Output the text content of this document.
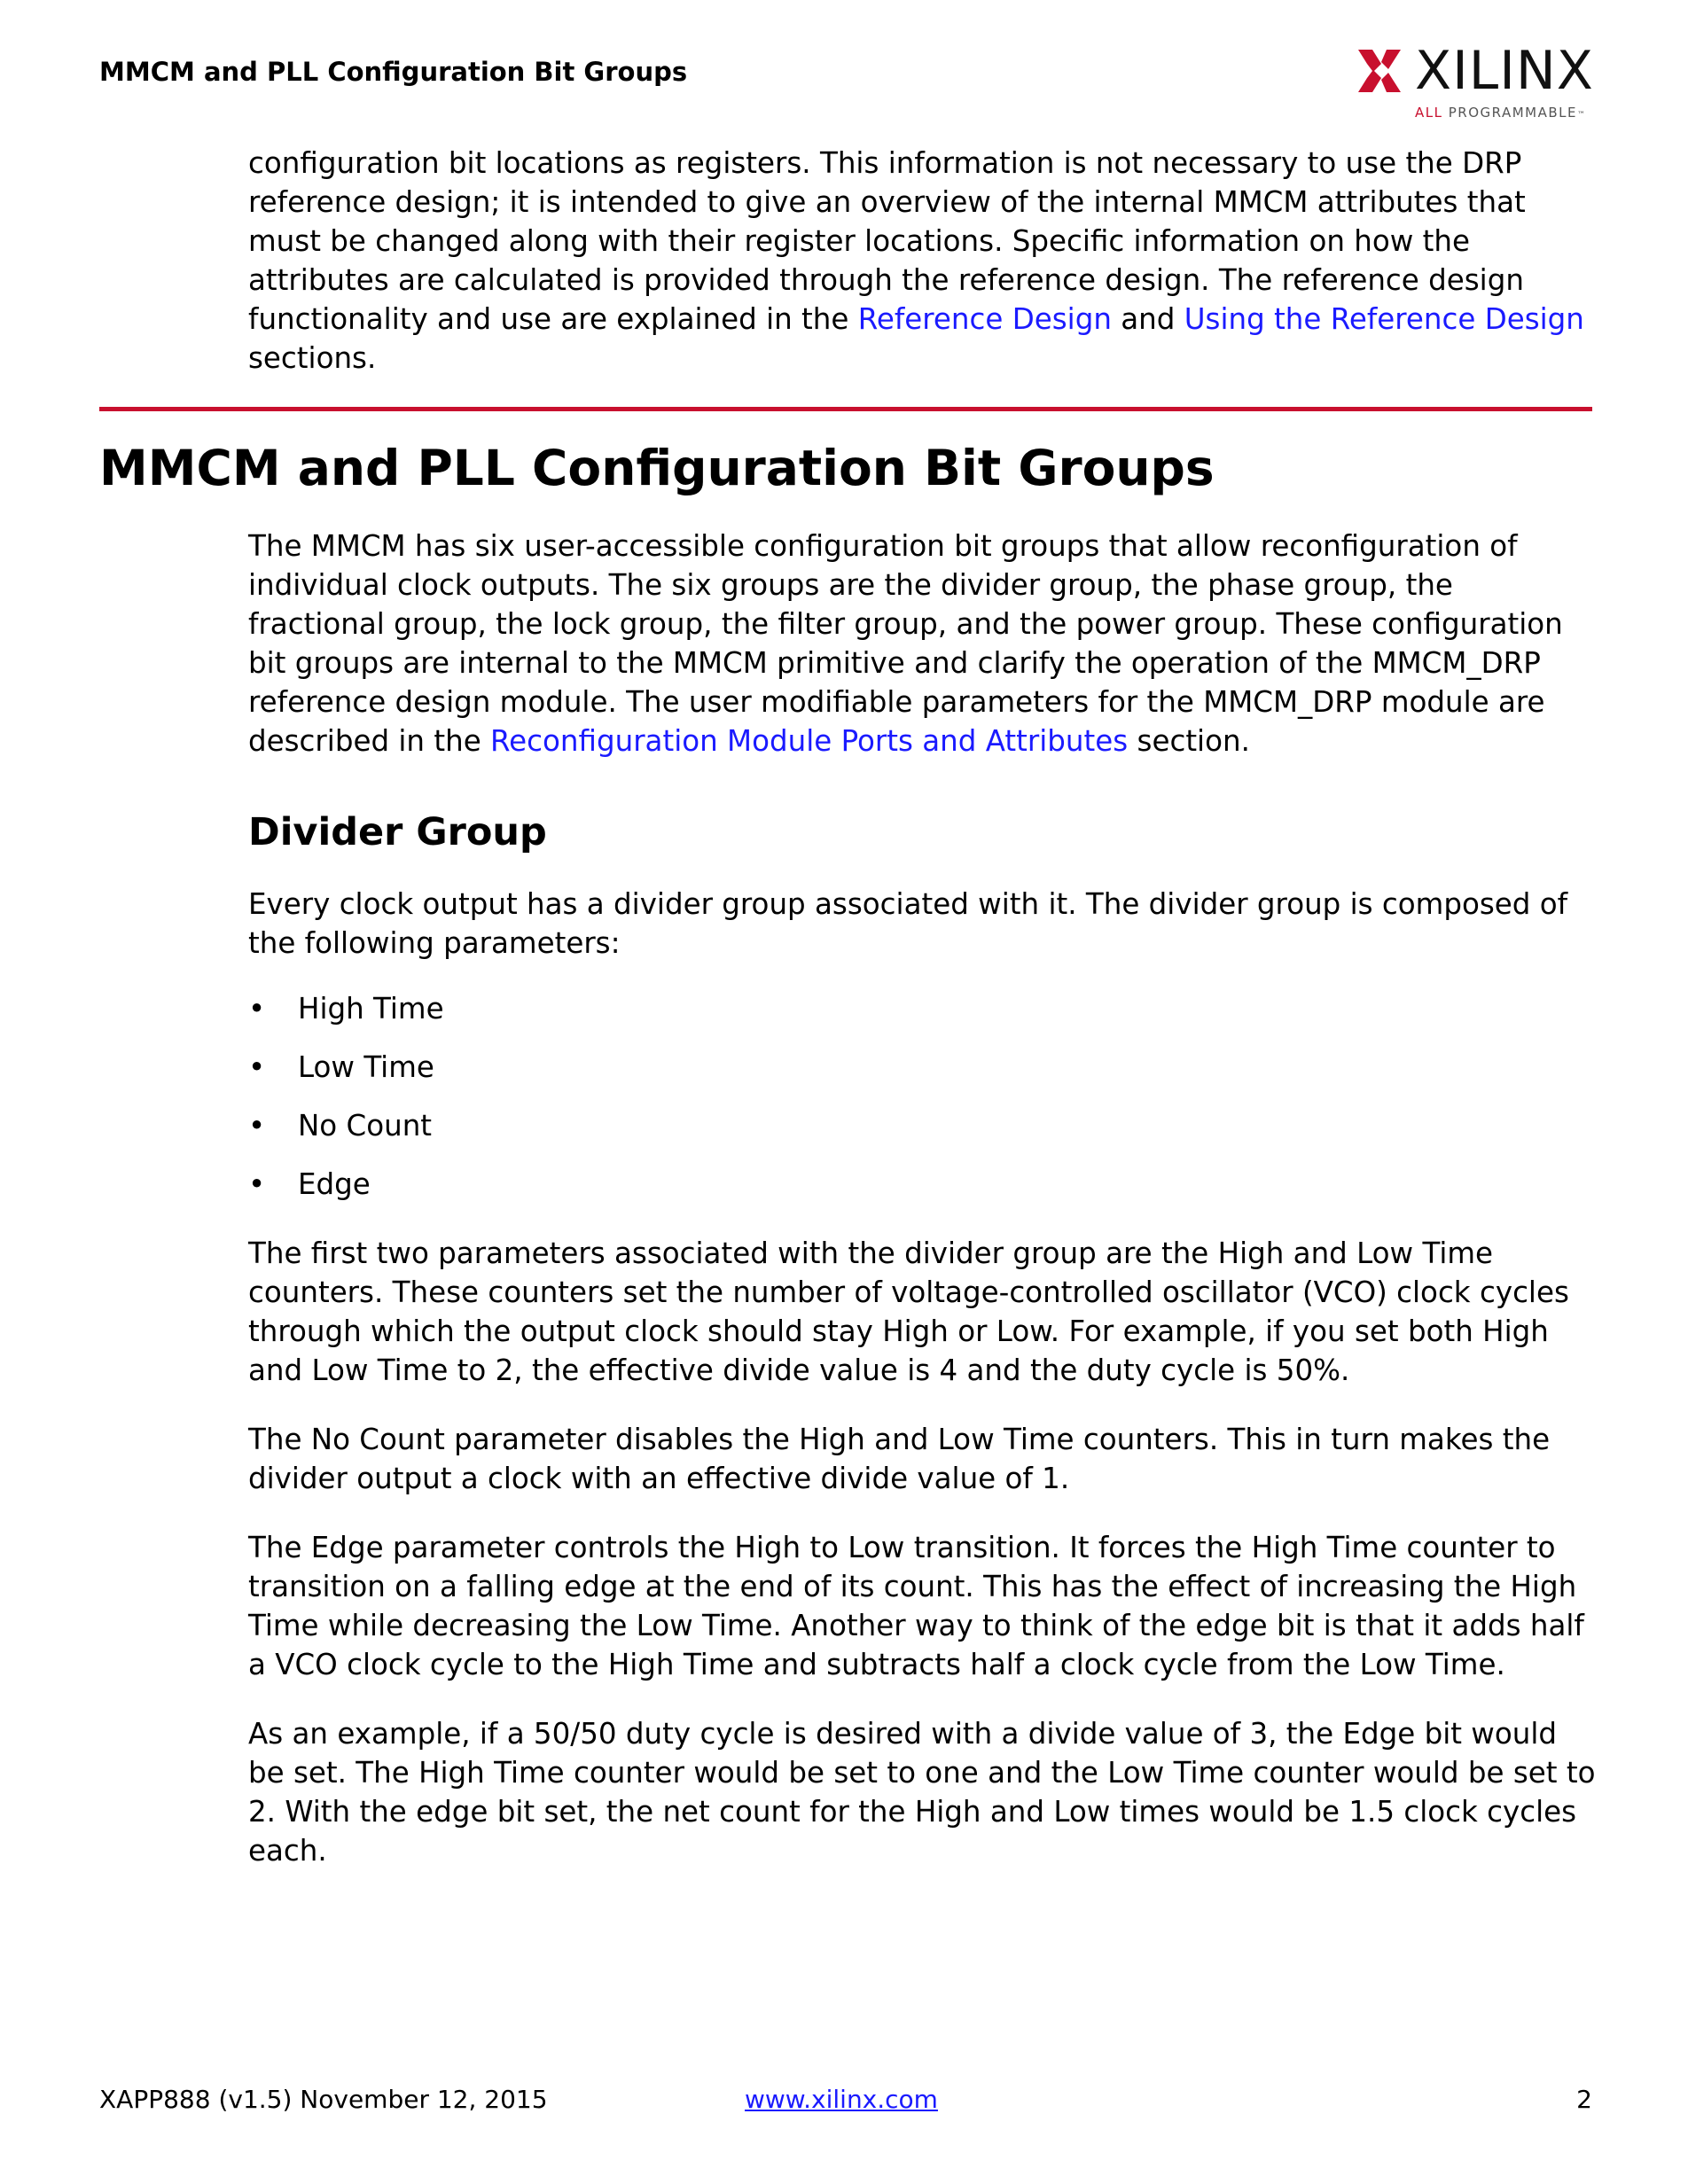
MMCM and PLL Configuration Bit Groups	XILINX
ALL PROGRAMMABLE™
configuration bit locations as registers. This information is not necessary to use the DRP reference design; it is intended to give an overview of the internal MMCM attributes that must be changed along with their register locations. Specific information on how the attributes are calculated is provided through the reference design. The reference design functionality and use are explained in the Reference Design and Using the Reference Design sections.
MMCM and PLL Configuration Bit Groups
The MMCM has six user-accessible configuration bit groups that allow reconfiguration of individual clock outputs. The six groups are the divider group, the phase group, the fractional group, the lock group, the filter group, and the power group. These configuration bit groups are internal to the MMCM primitive and clarify the operation of the MMCM_DRP reference design module. The user modifiable parameters for the MMCM_DRP module are described in the Reconfiguration Module Ports and Attributes section.
Divider Group
Every clock output has a divider group associated with it. The divider group is composed of the following parameters:
• High Time
• Low Time
• No Count
• Edge
The first two parameters associated with the divider group are the High and Low Time counters. These counters set the number of voltage-controlled oscillator (VCO) clock cycles through which the output clock should stay High or Low. For example, if you set both High and Low Time to 2, the effective divide value is 4 and the duty cycle is 50%.
The No Count parameter disables the High and Low Time counters. This in turn makes the divider output a clock with an effective divide value of 1.
The Edge parameter controls the High to Low transition. It forces the High Time counter to transition on a falling edge at the end of its count. This has the effect of increasing the High Time while decreasing the Low Time. Another way to think of the edge bit is that it adds half a VCO clock cycle to the High Time and subtracts half a clock cycle from the Low Time.
As an example, if a 50/50 duty cycle is desired with a divide value of 3, the Edge bit would be set. The High Time counter would be set to one and the Low Time counter would be set to 2. With the edge bit set, the net count for the High and Low times would be 1.5 clock cycles each.
XAPP888 (v1.5) November 12, 2015	www.xilinx.com	2
